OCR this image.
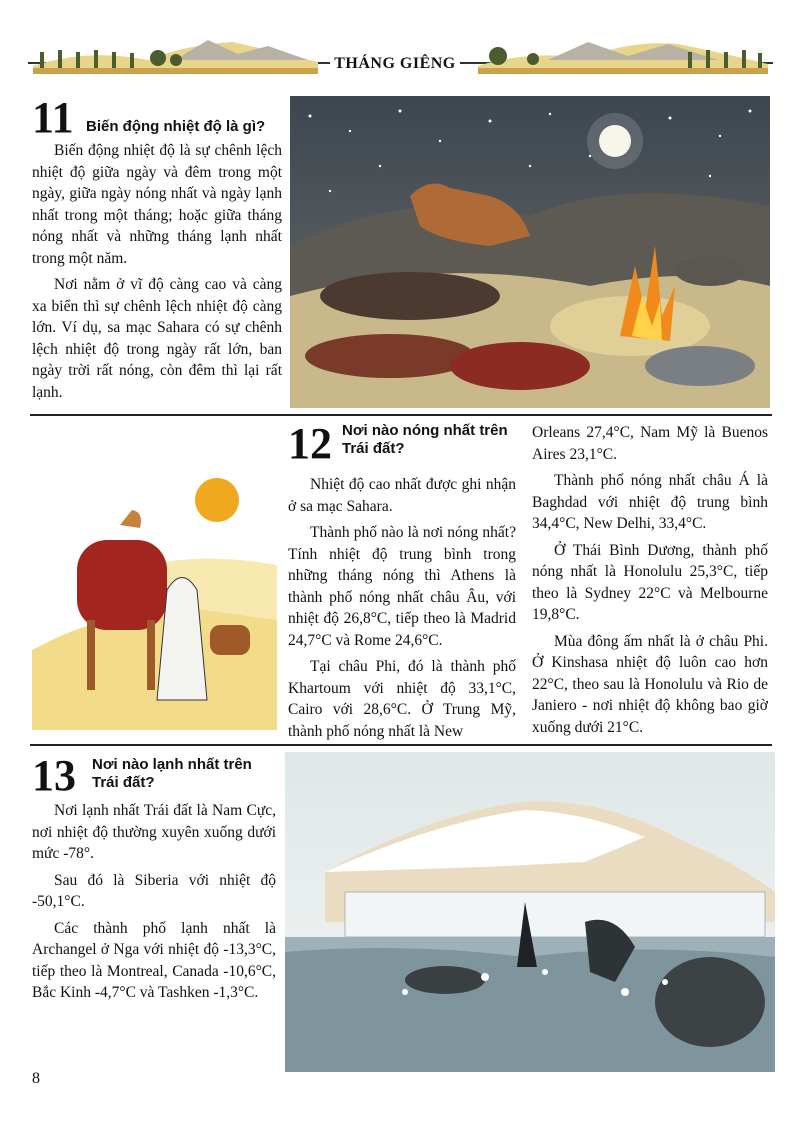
THÁNG GIÊNG
11 Biến động nhiệt độ là gì?

Biến động nhiệt độ là sự chênh lệch nhiệt độ giữa ngày và đêm trong một ngày, giữa ngày nóng nhất và ngày lạnh nhất trong một tháng; hoặc giữa tháng nóng nhất và những tháng lạnh nhất trong một năm.

Nơi nằm ở vĩ độ càng cao và càng xa biển thì sự chênh lệch nhiệt độ càng lớn. Ví dụ, sa mạc Sahara có sự chênh lệch nhiệt độ trong ngày rất lớn, ban ngày trời rất nóng, còn đêm thì lại rất lạnh.

12 Nơi nào nóng nhất trên
Trái đất?

Nhiệt độ cao nhất được ghi nhận ở sa mạc Sahara.

Thành phố nào là nơi nóng nhất? Tính nhiệt độ trung bình trong những tháng nóng thì Athens là thành phố nóng nhất châu Âu, với nhiệt độ 26,8°C, tiếp theo là Madrid 24,7°C và Rome 24,6°C.

Tại châu Phi, đó là thành phố Khartoum với nhiệt độ 33,1°C, Cairo với 28,6°C. Ở Trung Mỹ, thành phố nóng nhất là New

Orleans 27,4°C, Nam Mỹ là Buenos Aires 23,1°C.

Thành phố nóng nhất châu Á là Baghdad với nhiệt độ trung bình 34,4°C, New Delhi, 33,4°C.

Ở Thái Bình Dương, thành phố nóng nhất là Honolulu 25,3°C, tiếp theo là Sydney 22°C và Melbourne 19,8°C.

Mùa đông ấm nhất là ở châu Phi. Ở Kinshasa nhiệt độ luôn cao hơn 22°C, theo sau là Honolulu và Rio de Janiero - nơi nhiệt độ không bao giờ xuống dưới 21°C.

13 Nơi nào lạnh nhất trên
Trái đất?

Nơi lạnh nhất Trái đất là Nam Cực, nơi nhiệt độ thường xuyên xuống dưới mức -78°.

Sau đó là Siberia với nhiệt độ -50,1°C.

Các thành phố lạnh nhất là Archangel ở Nga với nhiệt độ -13,3°C, tiếp theo là Montreal, Canada -10,6°C, Bắc Kinh -4,7°C và Tashken -1,3°C.

8
